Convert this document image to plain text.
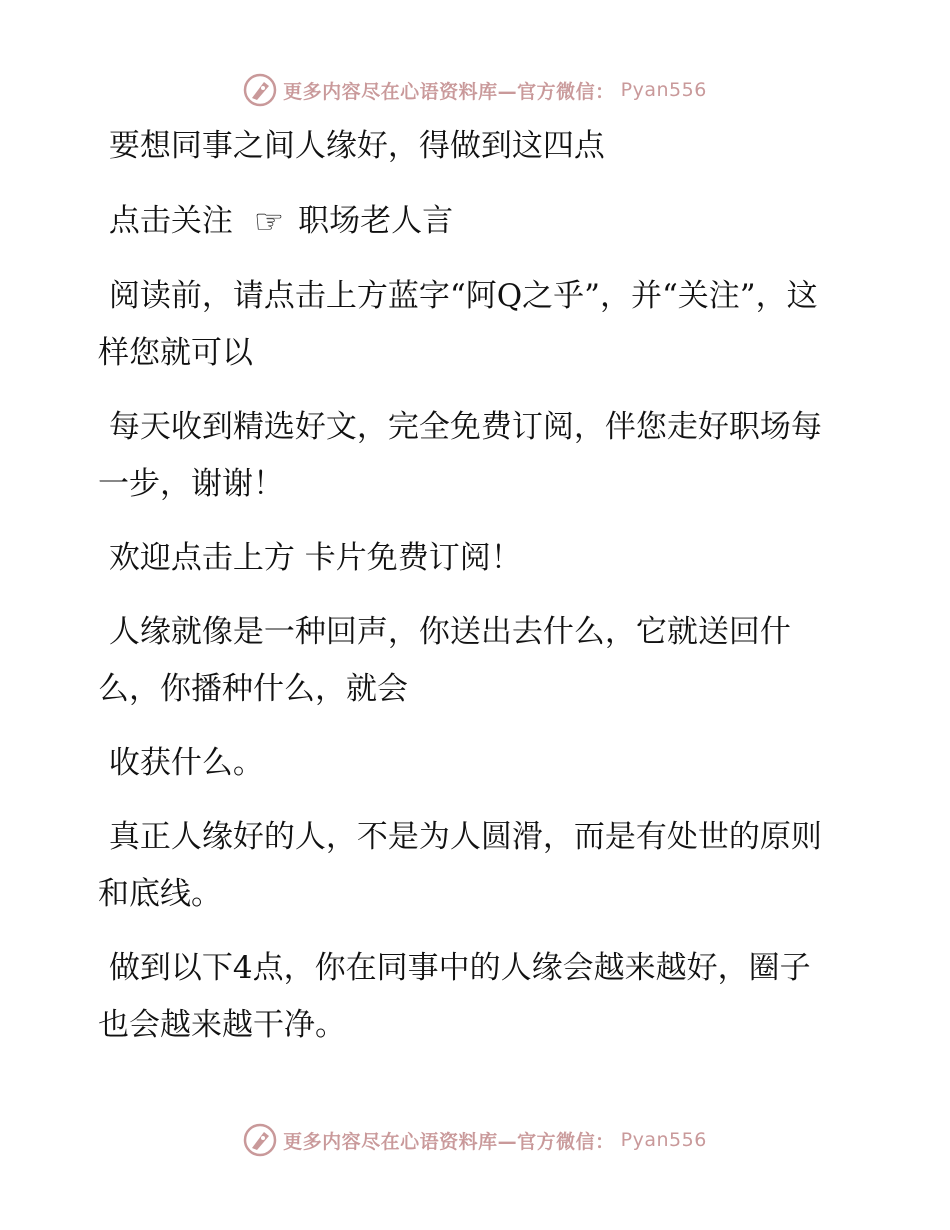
更多内容尽在心语资料库—官方微信： Pyan556

要想同事之间人缘好，得做到这四点

点击关注 ☞ 职场老人言

阅读前，请点击上方蓝字“阿Q之乎”，并“关注”，这样您就可以

每天收到精选好文，完全免费订阅，伴您走好职场每一步，谢谢！

欢迎点击上方 卡片免费订阅！

人缘就像是一种回声，你送出去什么，它就送回什么，你播种什么，就会

收获什么。

真正人缘好的人，不是为人圆滑，而是有处世的原则和底线。

做到以下4点，你在同事中的人缘会越来越好，圈子也会越来越干净。

更多内容尽在心语资料库—官方微信： Pyan556
